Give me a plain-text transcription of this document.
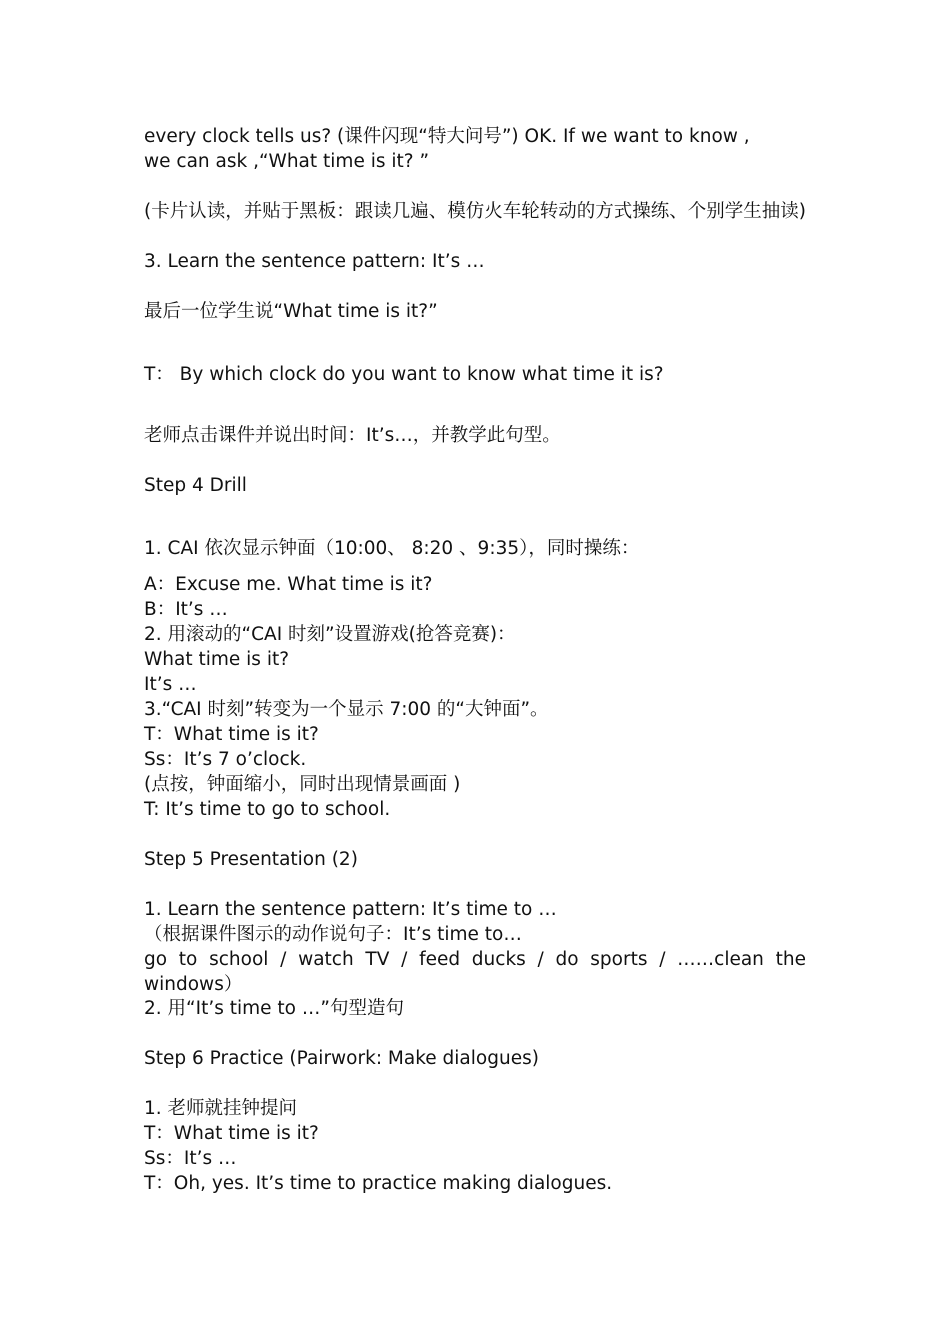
every clock tells us? (课件闪现“特大问号”) OK. If we want to know ,
we can ask ,“What time is it? ”
(卡片认读，并贴于黑板：跟读几遍、模仿火车轮转动的方式操练、个别学生抽读)
3. Learn the sentence pattern: It’s …
最后一位学生说“What time is it?”
T： By which clock do you want to know what time it is?
老师点击课件并说出时间：It’s…，并教学此句型。
Step 4 Drill
1. CAI 依次显示钟面（10:00、 8:20 、9:35），同时操练：
A：Excuse me. What time is it?
B：It’s …
2. 用滚动的“CAI 时刻”设置游戏(抢答竞赛)：
What time is it?
It’s …
3.“CAI 时刻”转变为一个显示 7:00 的“大钟面”。
T：What time is it?
Ss：It’s 7 o’clock.
(点按，钟面缩小，同时出现情景画面 )
T: It’s time to go to school.
Step 5 Presentation (2)
1. Learn the sentence pattern: It’s time to …
（根据课件图示的动作说句子：It’s time to…
go to school / watch TV / feed ducks / do sports / ……clean the
windows）
2. 用“It’s time to …”句型造句
Step 6 Practice (Pairwork: Make dialogues)
1. 老师就挂钟提问
T：What time is it?
Ss：It’s …
T：Oh, yes. It’s time to practice making dialogues.
